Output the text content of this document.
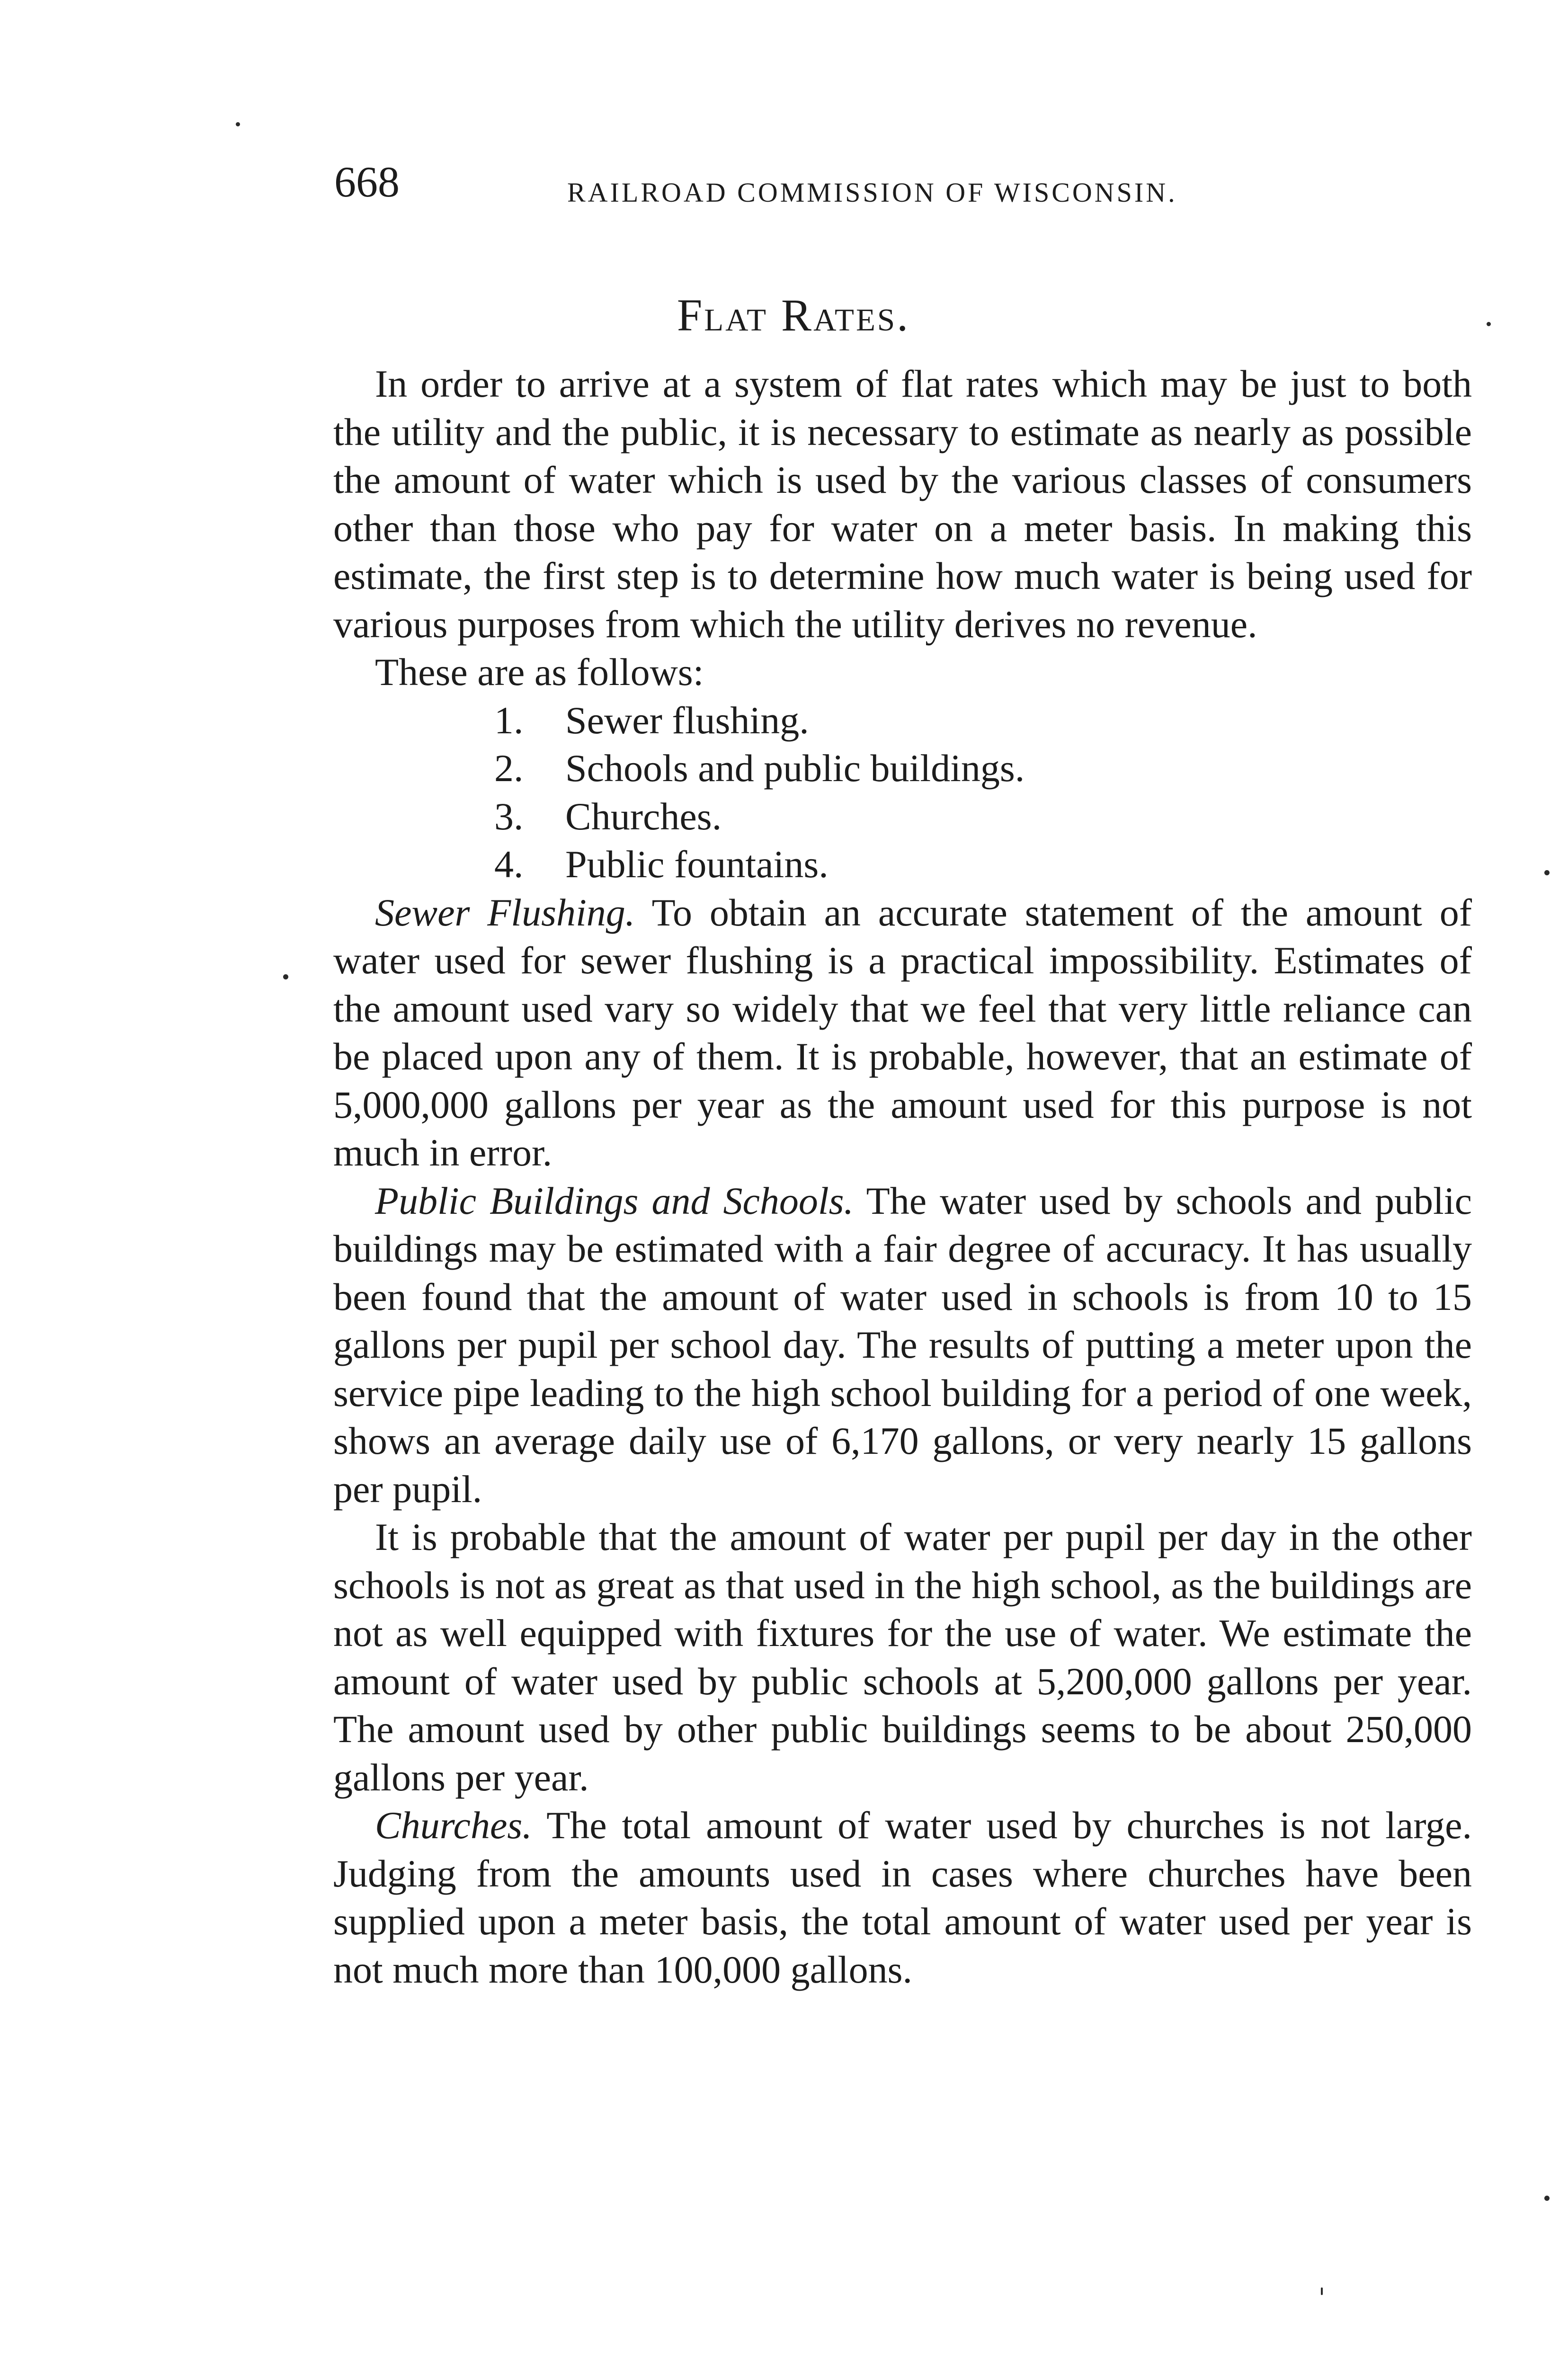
668	RAILROAD COMMISSION OF WISCONSIN.
Flat Rates.

In order to arrive at a system of flat rates which may be just to both the utility and the public, it is necessary to estimate as nearly as possible the amount of water which is used by the various classes of consumers other than those who pay for water on a meter basis. In making this estimate, the first step is to determine how much water is being used for various purposes from which the utility derives no revenue.

These are as follows:

1.	Sewer flushing.
2.	Schools and public buildings.
3.	Churches.
4.	Public fountains.

Sewer Flushing. To obtain an accurate statement of the amount of water used for sewer flushing is a practical impossibility. Estimates of the amount used vary so widely that we feel that very little reliance can be placed upon any of them. It is probable, however, that an estimate of 5,000,000 gallons per year as the amount used for this purpose is not much in error.

Public Buildings and Schools. The water used by schools and public buildings may be estimated with a fair degree of accuracy. It has usually been found that the amount of water used in schools is from 10 to 15 gallons per pupil per school day. The results of putting a meter upon the service pipe leading to the high school building for a period of one week, shows an average daily use of 6,170 gallons, or very nearly 15 gallons per pupil.

It is probable that the amount of water per pupil per day in the other schools is not as great as that used in the high school, as the buildings are not as well equipped with fixtures for the use of water. We estimate the amount of water used by public schools at 5,200,000 gallons per year. The amount used by other public buildings seems to be about 250,000 gallons per year.

Churches. The total amount of water used by churches is not large. Judging from the amounts used in cases where churches have been supplied upon a meter basis, the total amount of water used per year is not much more than 100,000 gallons.
